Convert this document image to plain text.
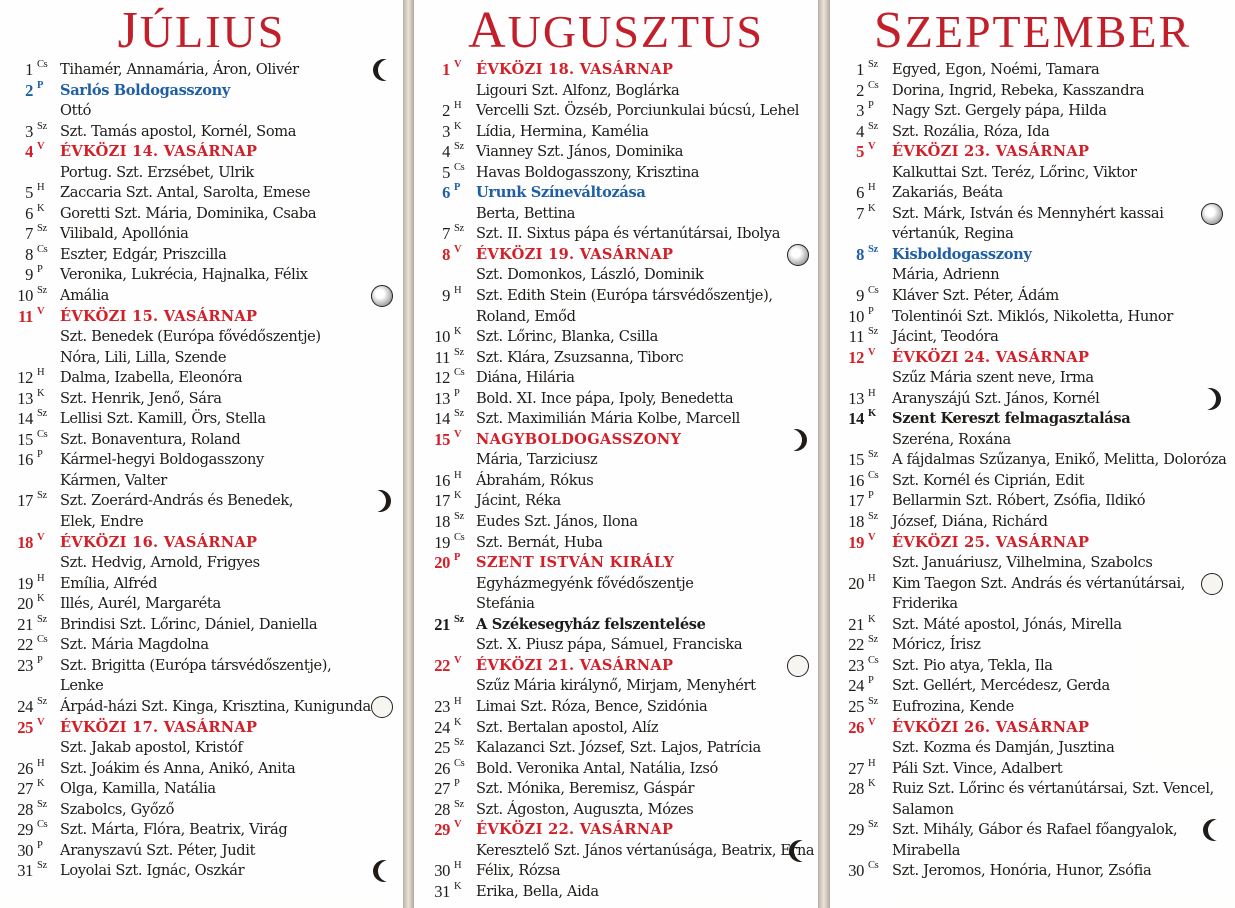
JÚLIUS
1 Cs Tihamér, Annamária, Áron, Olivér
2 P Sarlós Boldogasszony
Ottó
3 Sz Szt. Tamás apostol, Kornél, Soma
4 V ÉVKÖZI 14. VASÁRNAP
Portug. Szt. Erzsébet, Ulrik
5 H Zaccaria Szt. Antal, Sarolta, Emese
6 K Goretti Szt. Mária, Dominika, Csaba
7 Sz Vilibald, Apollónia
8 Cs Eszter, Edgár, Priszcilla
9 P Veronika, Lukrécia, Hajnalka, Félix
10 Sz Amália
11 V ÉVKÖZI 15. VASÁRNAP
Szt. Benedek (Európa fővédőszentje)
Nóra, Lili, Lilla, Szende
12 H Dalma, Izabella, Eleonóra
13 K Szt. Henrik, Jenő, Sára
14 Sz Lellisi Szt. Kamill, Örs, Stella
15 Cs Szt. Bonaventura, Roland
16 P Kármel-hegyi Boldogasszony
Kármen, Valter
17 Sz Szt. Zoerárd-András és Benedek,
Elek, Endre
18 V ÉVKÖZI 16. VASÁRNAP
Szt. Hedvig, Arnold, Frigyes
19 H Emília, Alfréd
20 K Illés, Aurél, Margaréta
21 Sz Brindisi Szt. Lőrinc, Dániel, Daniella
22 Cs Szt. Mária Magdolna
23 P Szt. Brigitta (Európa társvédőszentje),
Lenke
24 Sz Árpád-házi Szt. Kinga, Krisztina, Kunigunda
25 V ÉVKÖZI 17. VASÁRNAP
Szt. Jakab apostol, Kristóf
26 H Szt. Joákim és Anna, Anikó, Anita
27 K Olga, Kamilla, Natália
28 Sz Szabolcs, Győző
29 Cs Szt. Márta, Flóra, Beatrix, Virág
30 P Aranyszavú Szt. Péter, Judit
31 Sz Loyolai Szt. Ignác, Oszkár
AUGUSZTUS
1 V ÉVKÖZI 18. VASÁRNAP
Ligouri Szt. Alfonz, Boglárka
2 H Vercelli Szt. Özséb, Porciunkulai búcsú, Lehel
3 K Lídia, Hermina, Kamélia
4 Sz Vianney Szt. János, Dominika
5 Cs Havas Boldogasszony, Krisztina
6 P Urunk Színeváltozása
Berta, Bettina
7 Sz Szt. II. Sixtus pápa és vértanútársai, Ibolya
8 V ÉVKÖZI 19. VASÁRNAP
Szt. Domonkos, László, Dominik
9 H Szt. Edith Stein (Európa társvédőszentje),
Roland, Emőd
10 K Szt. Lőrinc, Blanka, Csilla
11 Sz Szt. Klára, Zsuzsanna, Tiborc
12 Cs Diána, Hilária
13 P Bold. XI. Ince pápa, Ipoly, Benedetta
14 Sz Szt. Maximilián Mária Kolbe, Marcell
15 V NAGYBOLDOGASSZONY
Mária, Tarziciusz
16 H Ábrahám, Rókus
17 K Jácint, Réka
18 Sz Eudes Szt. János, Ilona
19 Cs Szt. Bernát, Huba
20 P SZENT ISTVÁN KIRÁLY
Egyházmegyénk fővédőszentje
Stefánia
21 Sz A Székesegyház felszentelése
Szt. X. Piusz pápa, Sámuel, Franciska
22 V ÉVKÖZI 21. VASÁRNAP
Szűz Mária királynő, Mirjam, Menyhért
23 H Limai Szt. Róza, Bence, Szidónia
24 K Szt. Bertalan apostol, Alíz
25 Sz Kalazanci Szt. József, Szt. Lajos, Patrícia
26 Cs Bold. Veronika Antal, Natália, Izsó
27 P Szt. Mónika, Beremisz, Gáspár
28 Sz Szt. Ágoston, Auguszta, Mózes
29 V ÉVKÖZI 22. VASÁRNAP
Keresztelő Szt. János vértanúsága, Beatrix, Erna
30 H Félix, Rózsa
31 K Erika, Bella, Aida
SZEPTEMBER
1 Sz Egyed, Egon, Noémi, Tamara
2 Cs Dorina, Ingrid, Rebeka, Kasszandra
3 P Nagy Szt. Gergely pápa, Hilda
4 Sz Szt. Rozália, Róza, Ida
5 V ÉVKÖZI 23. VASÁRNAP
Kalkuttai Szt. Teréz, Lőrinc, Viktor
6 H Zakariás, Beáta
7 K Szt. Márk, István és Mennyhért kassai
vértanúk, Regina
8 Sz Kisboldogasszony
Mária, Adrienn
9 Cs Kláver Szt. Péter, Ádám
10 P Tolentinói Szt. Miklós, Nikoletta, Hunor
11 Sz Jácint, Teodóra
12 V ÉVKÖZI 24. VASÁRNAP
Szűz Mária szent neve, Irma
13 H Aranyszájú Szt. János, Kornél
14 K Szent Kereszt felmagasztalása
Szeréna, Roxána
15 Sz A fájdalmas Szűzanya, Enikő, Melitta, Doloróza
16 Cs Szt. Kornél és Ciprián, Edit
17 P Bellarmin Szt. Róbert, Zsófia, Ildikó
18 Sz József, Diána, Richárd
19 V ÉVKÖZI 25. VASÁRNAP
Szt. Januáriusz, Vilhelmina, Szabolcs
20 H Kim Taegon Szt. András és vértanútársai,
Friderika
21 K Szt. Máté apostol, Jónás, Mirella
22 Sz Móricz, Írisz
23 Cs Szt. Pio atya, Tekla, Ila
24 P Szt. Gellért, Mercédesz, Gerda
25 Sz Eufrozina, Kende
26 V ÉVKÖZI 26. VASÁRNAP
Szt. Kozma és Damján, Jusztina
27 H Páli Szt. Vince, Adalbert
28 K Ruiz Szt. Lőrinc és vértanútársai, Szt. Vencel,
Salamon
29 Sz Szt. Mihály, Gábor és Rafael főangyalok,
Mirabella
30 Cs Szt. Jeromos, Honória, Hunor, Zsófia
